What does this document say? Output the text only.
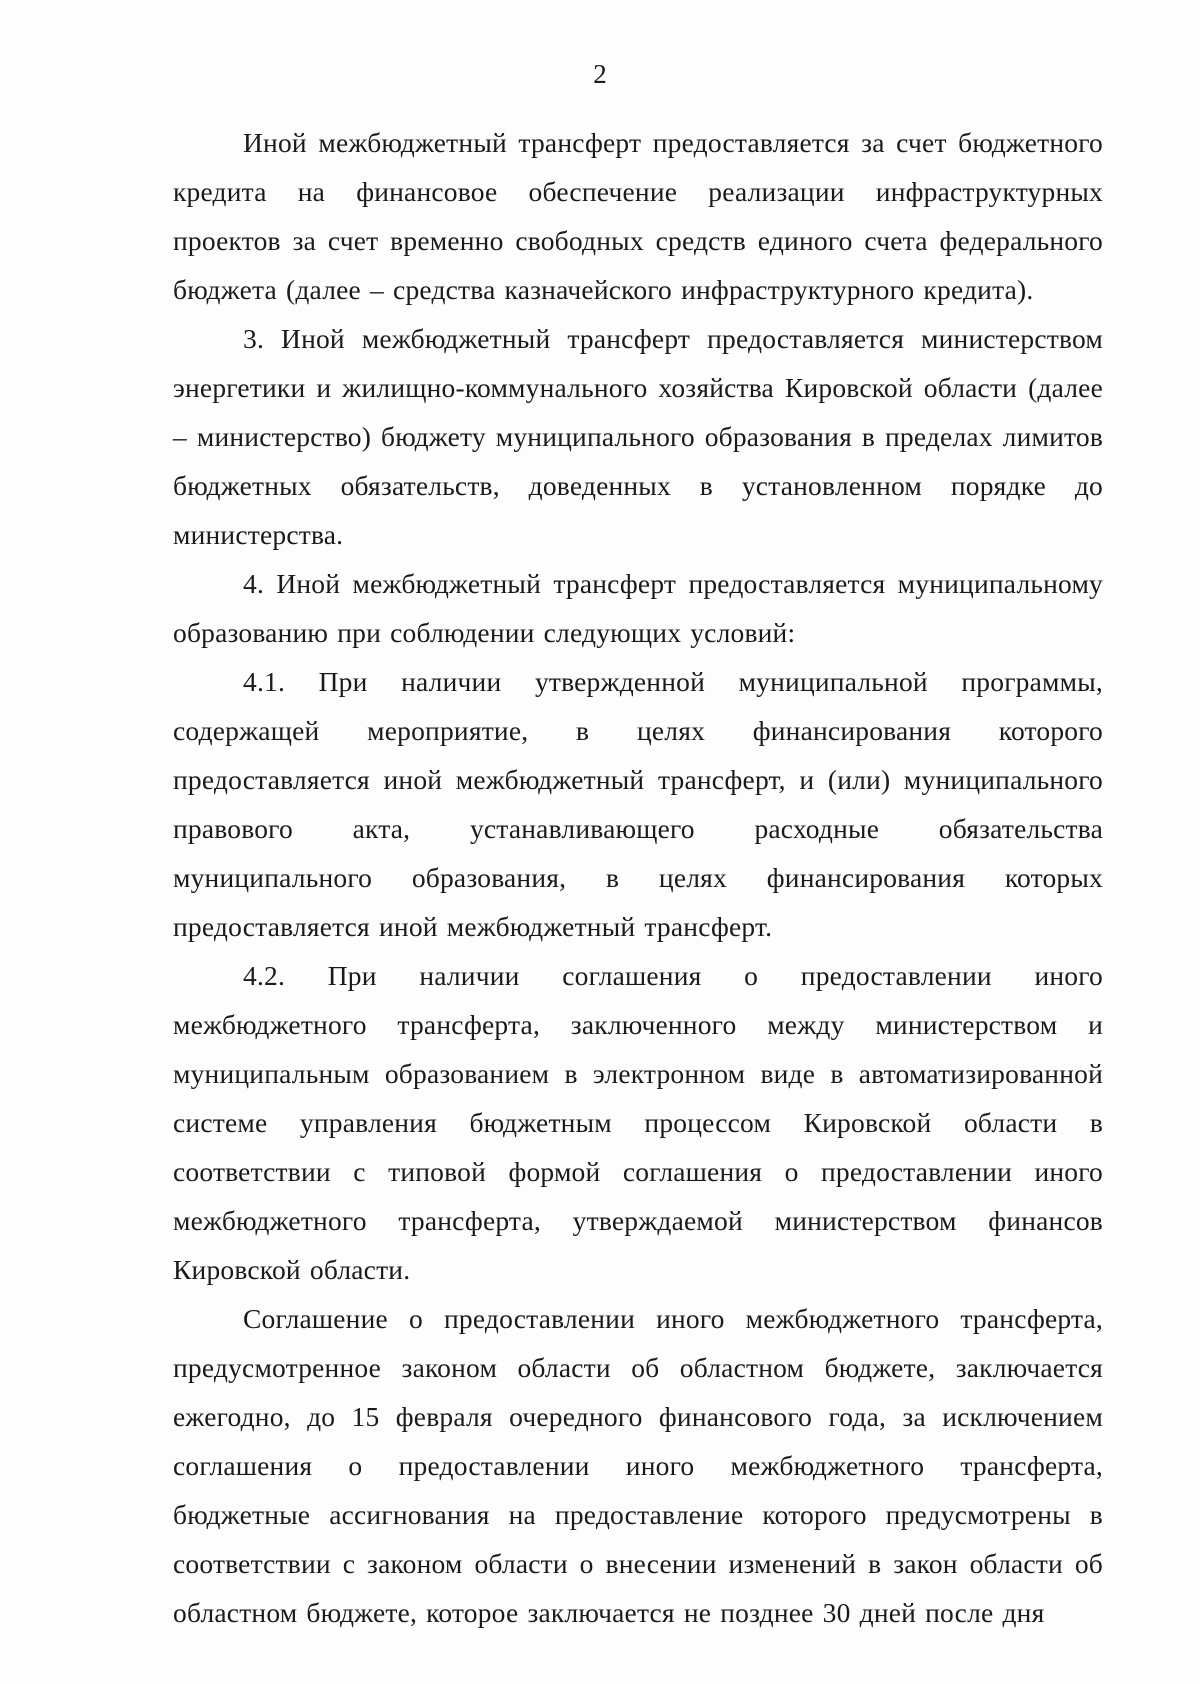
2

Иной межбюджетный трансферт предоставляется за счет бюджетного кредита на финансовое обеспечение реализации инфраструктурных проектов за счет временно свободных средств единого счета федерального бюджета (далее – средства казначейского инфраструктурного кредита).

3. Иной межбюджетный трансферт предоставляется министерством энергетики и жилищно-коммунального хозяйства Кировской области (далее – министерство) бюджету муниципального образования в пределах лимитов бюджетных обязательств, доведенных в установленном порядке до министерства.

4. Иной межбюджетный трансферт предоставляется муниципальному образованию при соблюдении следующих условий:

4.1. При наличии утвержденной муниципальной программы, содержащей мероприятие, в целях финансирования которого предоставляется иной межбюджетный трансферт, и (или) муниципального правового акта, устанавливающего расходные обязательства муниципального образования, в целях финансирования которых предоставляется иной межбюджетный трансферт.

4.2. При наличии соглашения о предоставлении иного межбюджетного трансферта, заключенного между министерством и муниципальным образованием в электронном виде в автоматизированной системе управления бюджетным процессом Кировской области в соответствии с типовой формой соглашения о предоставлении иного межбюджетного трансферта, утверждаемой министерством финансов Кировской области.

Соглашение о предоставлении иного межбюджетного трансферта, предусмотренное законом области об областном бюджете, заключается ежегодно, до 15 февраля очередного финансового года, за исключением соглашения о предоставлении иного межбюджетного трансферта, бюджетные ассигнования на предоставление которого предусмотрены в соответствии с законом области о внесении изменений в закон области об областном бюджете, которое заключается не позднее 30 дней после дня
